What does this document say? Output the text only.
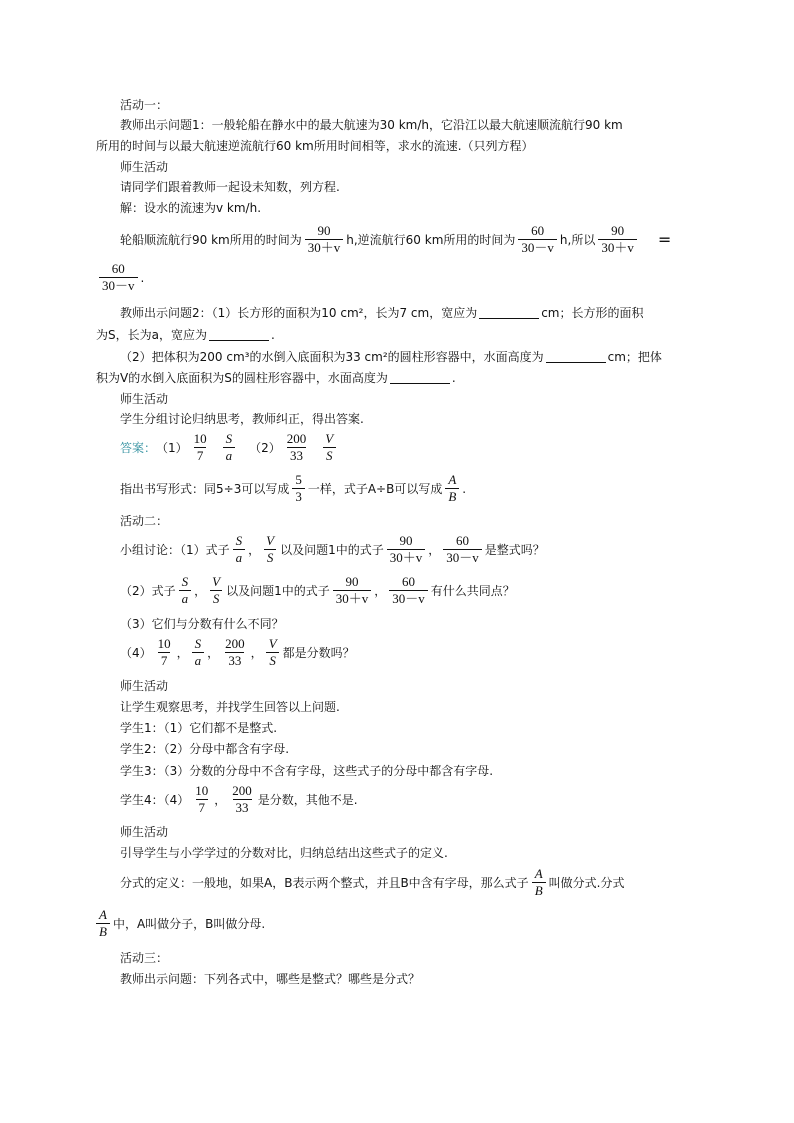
活动一：
教师出示问题1：一般轮船在静水中的最大航速为30 km/h，它沿江以最大航速顺流航行90 km
所用的时间与以最大航速逆流航行60 km所用时间相等，求水的流速.（只列方程）
师生活动
请同学们跟着教师一起设未知数，列方程.
解：设水的流速为v km/h.
轮船顺流航行90 km所用的时间为 $\frac{90}{30+v} h$,逆流航行60 km所用的时间为 $\frac{60}{30-v} h$,所以 $\frac{90}{30+v}$ =
$\frac{60}{30-v}$ .
教师出示问题2：（1）长方形的面积为10 cm²，长为7 cm，宽应为	cm；长方形的面积
为S，长为a，宽应为	.
（2）把体积为200 cm³的水倒入底面积为33 cm²的圆柱形容器中，水面高度为	cm；把体
积为V的水倒入底面积为S的圆柱形容器中，水面高度为	.
师生活动
学生分组讨论归纳思考，教师纠正，得出答案.
答案： $(1) \frac{10}{7} \frac{S}{a} (2) \frac{200}{33} \frac{V}{S}$
指出书写形式：同5÷3可以写成 $\frac{5}{3}$ 一样，式子A÷B可以写成 $\frac{A}{B}$ .
活动二：
小组讨论：（1）式子 $\frac{S}{a}$ ， $\frac{V}{S}$ 以及问题1中的式子 $\frac{90}{30+v}$ ， $\frac{60}{30-v}$ 是整式吗？
（2）式子 $\frac{S}{a}$ ， $\frac{V}{S}$ 以及问题1中的式子 $\frac{90}{30+v}$ ， $\frac{60}{30-v}$ 有什么共同点？
（3）它们与分数有什么不同？
$(4) \frac{10}{7}$ ， $\frac{S}{a}$ ， $\frac{200}{33}$ ， $\frac{V}{S}$ 都是分数吗？
师生活动
让学生观察思考，并找学生回答以上问题.
学生1：（1）它们都不是整式.
学生2：（2）分母中都含有字母.
学生3：（3）分数的分母中不含有字母，这些式子的分母中都含有字母.
学生4：$(4) \frac{10}{7}$ ， $\frac{200}{33}$ 是分数，其他不是.
师生活动
引导学生与小学学过的分数对比，归纳总结出这些式子的定义.
分式的定义：一般地，如果A，B表示两个整式，并且B中含有字母，那么式子 $\frac{A}{B}$ 叫做分式.分式
$\frac{A}{B}$ 中，A叫做分子，B叫做分母.
活动三：
教师出示问题：下列各式中，哪些是整式？哪些是分式？
